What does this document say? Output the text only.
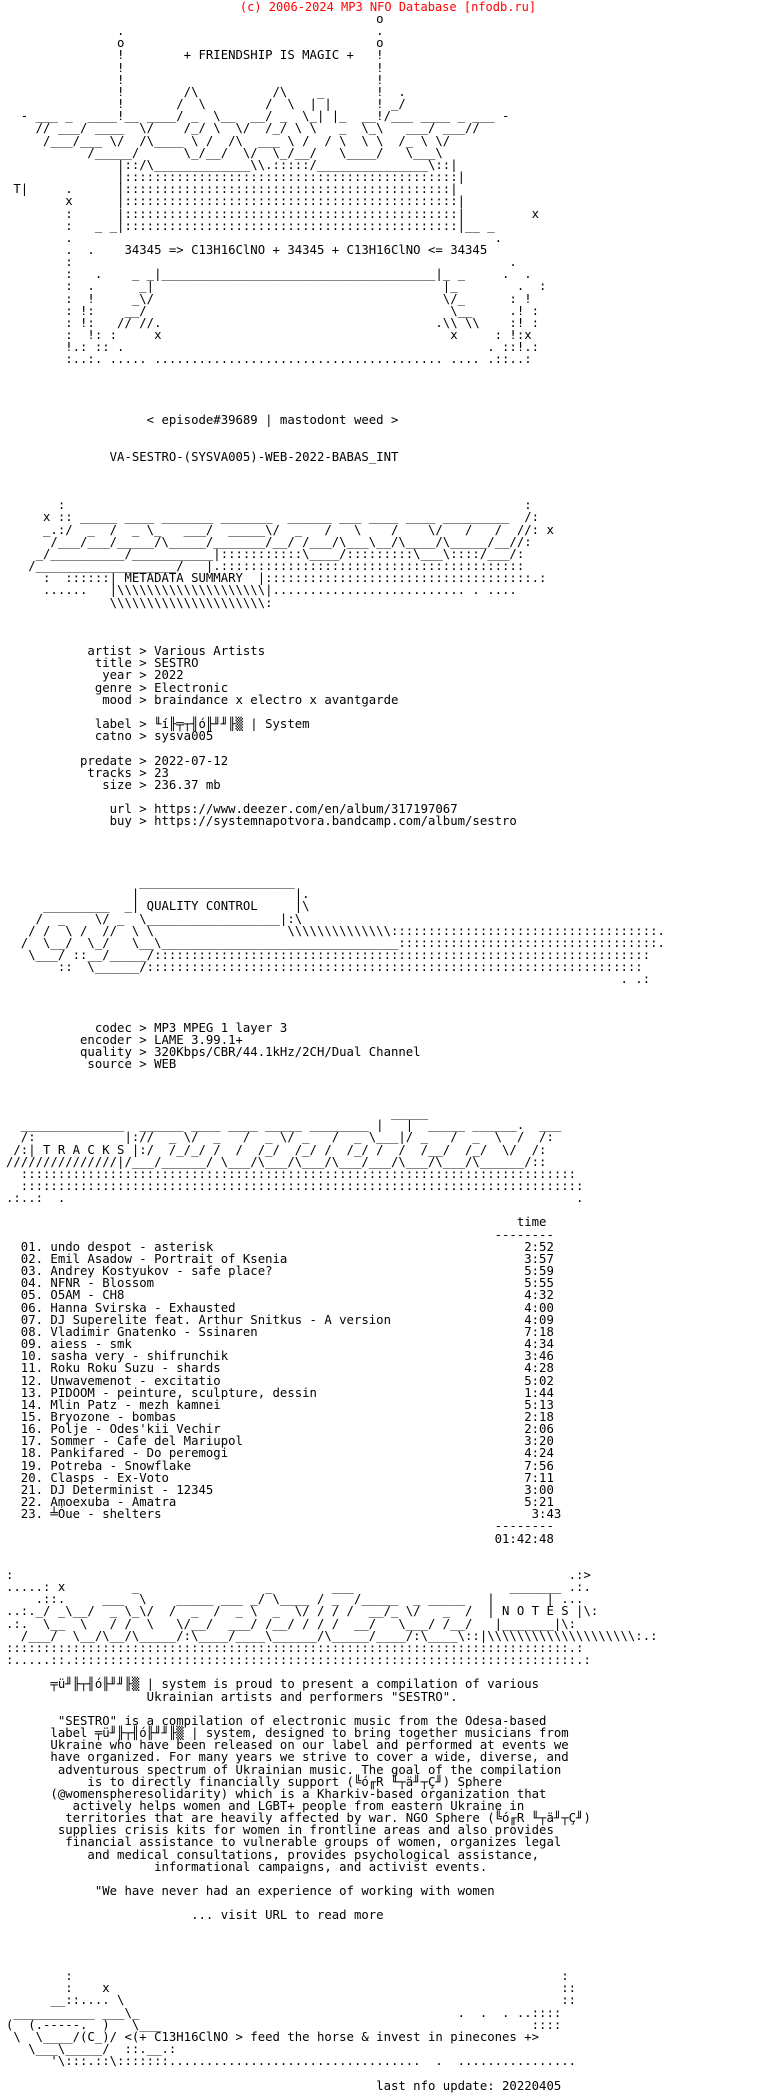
(c) 2006-2024 MP3 NFO Database [nfodb.ru]
o
.                                  .
o                                  o
!        + FRIENDSHIP IS MAGIC +   !
!                                  !
!                                  !
!        /\          /\    _       !  .
!       /  \        /  \  | |      ! _/
- ___ _  ____!__ ____/ _  \__  __/ _  \_| |_  __!/___ ____ _ ___ -
// ___/ ____  \/    /_/ \  \/  /_/ \ \   _  \_\   ___/ ___//
/___/___ \/  /\____ \ /  /\  ___ \ /  / \  \ \  /_ \ \/
/_____/      \_/__/  \/  \_/__/   \____/   \___\
|::/\_____________\\.:::::/_______________\::|
|:::::::::::::::::::::::::::::::::::::::::::::|
T|     .      |::::::::::::::::::::::::::::::::::::::::::::|
x      |:::::::::::::::::::::::::::::::::::::::::::::|
:      |:::::::::::::::::::::::::::::::::::::::::::::|         x
:   _ _|:::::::::::::::::::::::::::::::::::::::::::::|__ _
.                                                         .
.  .    34345 => C13H16ClNO + 34345 + C13H16ClNO <= 34345
:                                                           .
:   .    _ _|_____________________________________|_ _     .  .
:  .      _|                                       |_        .  :
:  !     _\/                                       \/_      : !
: !:    __/                                         \__     .! :
: !:   // //.                                     .\\ \\    :! :
:  !: :     x                                       x     : !:x
!.: :: .                                                 . ::!.:
:..:. ..... ....................................... .... .::..:
< episode#39689 | mastodont weed >
VA-SESTRO-(SYSVA005)-WEB-2022-BABAS_INT
:                                                              :
x :: _____ ____ _______ _______  ______ ___ ____ ____ _________  /:
_.:/  _  /  _ \_   ___/  _____\/  _   /   \    /    \/   /   /  //: x
/___/___/_____/\_____/_______/__/ /___/\___\__/\____/\_____/__//:
_/__________/___________|:::::::::::\____/:::::::::\___\::::/___/:
/___________________/   |.:::::::::::::::::::::::::::::::::::::::::
:  ::::::| METADATA SUMMARY  |::::::::::::::::::::::::::::::::::::.:
......   |\\\\\\\\\\\\\\\\\\\\|.......................... . ....
\\\\\\\\\\\\\\\\\\\\\:
artist > Various Artists
title > SESTRO
year > 2022
genre > Electronic
mood > braindance x electro x avantgarde
label > ╙í╟╤┬╢ó╟╜╜╟▒ | System
catno > sysva005
predate > 2022-07-12
tracks > 23
size > 236.37 mb
url > https://www.deezer.com/en/album/317197067
buy > https://systemnapotvora.bandcamp.com/album/sestro
_____________________
|                     |.
_________  _| QUALITY CONTROL     |\
/  _    \/ _  \__________________|:\
/ /  \ /  //  \ \                  \\\\\\\\\\\\\\::::::::::::::::::::::::::::::::::::.
/  \__/  \_/   \__\________________________________:::::::::::::::::::::::::::::::::::.
\___/ ::__/_____/:::::::::::::::::::::::::::::::::::::::::::::::::::::::::::::::::::
::  \______/:::::::::::::::::::::::::::::::::::::::::::::::::::::::::::::::::::
. .:
codec > MP3 MPEG 1 layer 3
encoder > LAME 3.99.1+
quality > 320Kbps/CBR/44.1kHz/2CH/Dual Channel
source > WEB
_____
______________  ______ ____ ____ _____ ________ |   |  _____ ______.  ___
/:            |://  _ \/  _   /  _ \/ _   /  _ \___|/ _   /  _  \  /  /:
/:| T R A C K S |:/  /_/_/ /  /  /_/  /_/ /  /_/ /  /  /__/  /_/  \/  /:
///////////////|/___/______/ \___/\___/\___/\___/___/\___/\___/\______/::
:::::::::::::::::::::::::::::::::::::::::::::::::::::::::::::::::::::::::::
::::::::::::::::::::::::::::::::::::::::::::::::::::::::::::::::::::::::::::
.:..:  .                                                                     .
time
--------
01. undo despot - asterisk                                          2:52
02. Emil Asadow - Portrait of Ksenia                                3:57
03. Andrey Kostyukov - safe place?                                  5:59
04. NFNR - Blossom                                                  5:55
05. O5AM - CH8                                                      4:32
06. Hanna Svirska - Exhausted                                       4:00
07. DJ Superelite feat. Arthur Snitkus - A version                  4:09
08. Vladimir Gnatenko - Ssinaren                                    7:18
09. aiess - smk                                                     4:34
10. sasha very - shifrunchik                                        3:46
11. Roku Roku Suzu - shards                                         4:28
12. Unwavemenot - excitatio                                         5:02
13. PIDOOM - peinture, sculpture, dessin                            1:44
14. Mlin Patz - mezh kamnei                                         5:13
15. Bryozone - bombas                                               2:18
16. Polje - Odes'kii Vechir                                         2:06
17. Sommer - Cafe del Mariupol                                      3:20
18. Pankifared - Do peremogi                                        4:24
19. Potreba - Snowflake                                             7:56
20. Clasps - Ex-Voto                                                7:11
21. DJ Determinist - 12345                                          3:00
22. Amoexuba - Amatra                                               5:21
23. ╧Óue - shelters                                                  3:43
--------
01:42:48
:                                                                           .:>
.....: x         _                 _        ___                     _______ .:.
.::.     ___  \    _____ ___ _/ \____ / _  /_____  _ _____   |       | ...
..:._/ _\__/  _ \_\/  /  _  /  _ \  _  \/ / / /  __/_ \/   _  /  | N O T E S |\:
.:.  \__  \   / /  \   \/__/  ___/ /__/ / / /  __/   \___/ /__/   |_______|\:
/___/  \__/\__/\_____/:\____/____\______/\_____/____/:\____\::|\\\\\\\\\\\\\\\\\\\\:.:
::::::::::::::::::::::::::::::::::::::::::::::::::::::::::::::::::::::::::::.:
:.....::.::::::::::::::::::::::::::::::::::::::::::::::::::::::::::::::::::::.:
╤ü╜╟┬╢ó╟╜╜╟▒ | system is proud to present a compilation of various
Ukrainian artists and performers "SESTRO".
"SESTRO" is a compilation of electronic music from the Odesa-based
label ╤ü╜╟┬╢ó╟╜╜╟▒ | system, designed to bring together musicians from
Ukraine who have been released on our label and performed at events we
have organized. For many years we strive to cover a wide, diverse, and
adventurous spectrum of Ukrainian music. The goal of the compilation
is to directly financially support (╚ó╓R ╙┬ä╜┬Ç╜) Sphere
(@womenspheresolidarity) which is a Kharkiv-based organization that
actively helps women and LGBT+ people from eastern Ukraine in
territories that are heavily affected by war. NGO Sphere (╚ó╓R ╙┬ä╜┬Ç╜)
supplies crisis kits for women in frontline areas and also provides
financial assistance to vulnerable groups of women, organizes legal
and medical consultations, provides psychological assistance,
informational campaigns, and activist events.
"We have never had an experience of working with women
... visit URL to read more
:                                                                  :
:    x                                                             ::
__::.... \                                                           ::
___________ ___\_                                           .  .  . ..::::
(  (.-----.  )   \___                                                  ::::
\  \____/(C_)/ <(+ C13H16ClNO > feed the horse & invest in pinecones +>
\___\_____/  ::.__.:
'\:::.::\:::::::..................................  .  ................
last nfo update: 20220405
